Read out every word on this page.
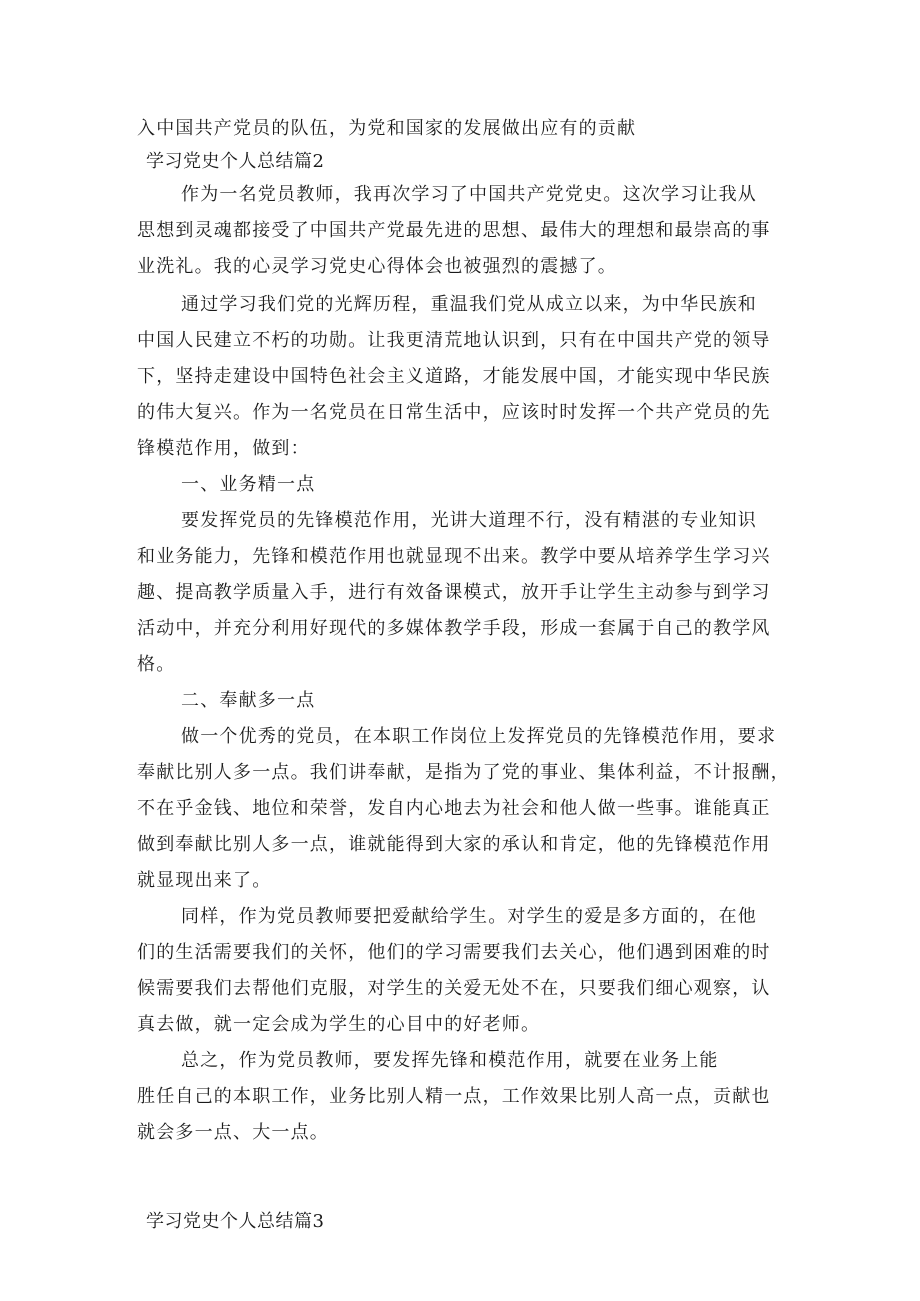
入中国共产党员的队伍，为党和国家的发展做出应有的贡献

学习党史个人总结篇2

作为一名党员教师，我再次学习了中国共产党党史。这次学习让我从

思想到灵魂都接受了中国共产党最先进的思想、最伟大的理想和最崇高的事

业洗礼。我的心灵学习党史心得体会也被强烈的震撼了。

通过学习我们党的光辉历程，重温我们党从成立以来，为中华民族和

中国人民建立不朽的功勋。让我更清荒地认识到，只有在中国共产党的领导

下，坚持走建设中国特色社会主义道路，才能发展中国，才能实现中华民族

的伟大复兴。作为一名党员在日常生活中，应该时时发挥一个共产党员的先

锋模范作用，做到：

一、业务精一点

要发挥党员的先锋模范作用，光讲大道理不行，没有精湛的专业知识

和业务能力，先锋和模范作用也就显现不出来。教学中要从培养学生学习兴

趣、提高教学质量入手，进行有效备课模式，放开手让学生主动参与到学习

活动中，并充分利用好现代的多媒体教学手段，形成一套属于自己的教学风

格。

二、奉献多一点

做一个优秀的党员，在本职工作岗位上发挥党员的先锋模范作用，要求

奉献比别人多一点。我们讲奉献，是指为了党的事业、集体利益，不计报酬，

不在乎金钱、地位和荣誉，发自内心地去为社会和他人做一些事。谁能真正

做到奉献比别人多一点，谁就能得到大家的承认和肯定，他的先锋模范作用

就显现出来了。

同样，作为党员教师要把爱献给学生。对学生的爱是多方面的，在他

们的生活需要我们的关怀，他们的学习需要我们去关心，他们遇到困难的时

候需要我们去帮他们克服，对学生的关爱无处不在，只要我们细心观察，认

真去做，就一定会成为学生的心目中的好老师。

总之，作为党员教师，要发挥先锋和模范作用，就要在业务上能

胜任自己的本职工作，业务比别人精一点，工作效果比别人高一点，贡献也

就会多一点、大一点。

学习党史个人总结篇3
